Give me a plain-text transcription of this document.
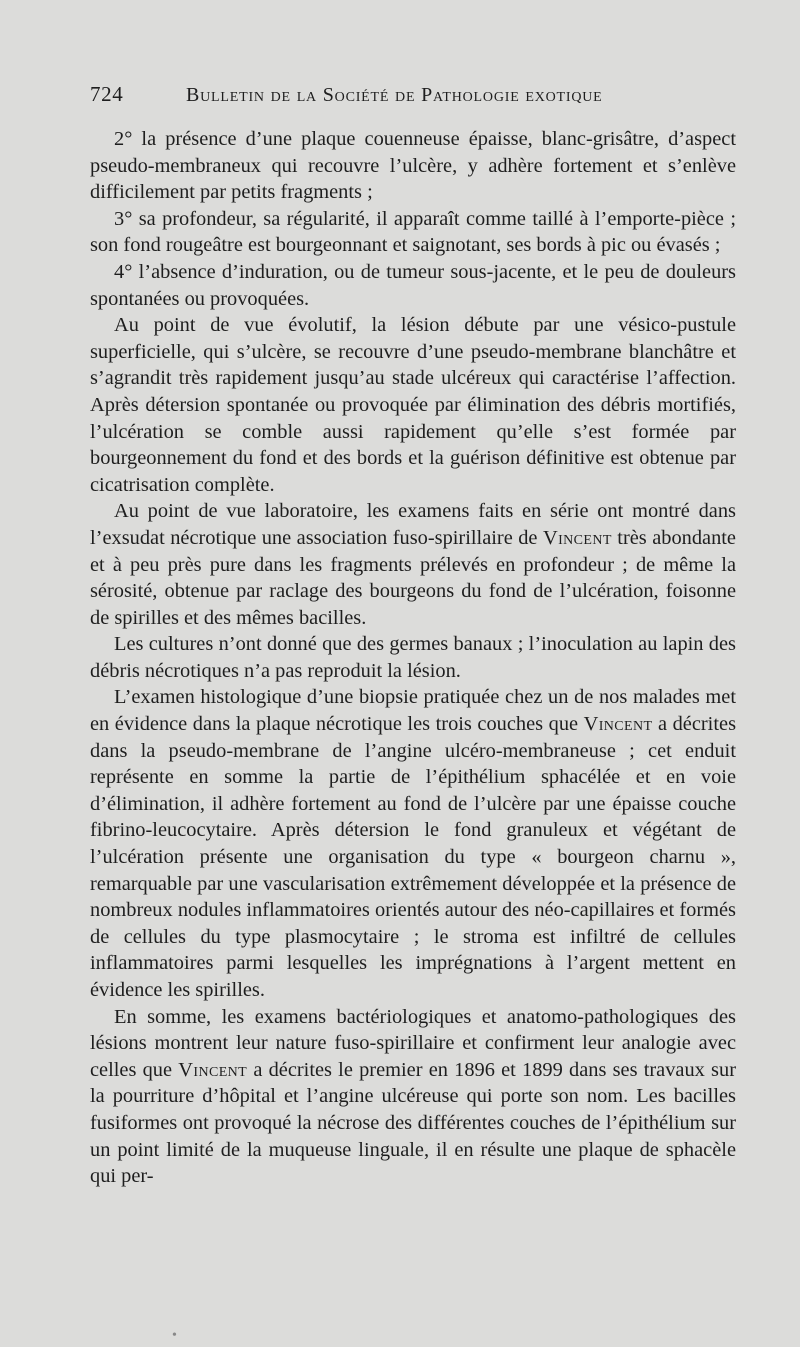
724	Bulletin de la Société de Pathologie exotique

2° la présence d’une plaque couenneuse épaisse, blanc-grisâtre, d’aspect pseudo-membraneux qui recouvre l’ulcère, y adhère fortement et s’enlève difficilement par petits fragments ;

3° sa profondeur, sa régularité, il apparaît comme taillé à l’emporte-pièce ; son fond rougeâtre est bourgeonnant et saignotant, ses bords à pic ou évasés ;

4° l’absence d’induration, ou de tumeur sous-jacente, et le peu de douleurs spontanées ou provoquées.

Au point de vue évolutif, la lésion débute par une vésico-pustule superficielle, qui s’ulcère, se recouvre d’une pseudo-membrane blanchâtre et s’agrandit très rapidement jusqu’au stade ulcéreux qui caractérise l’affection. Après détersion spontanée ou provoquée par élimination des débris mortifiés, l’ulcération se comble aussi rapidement qu’elle s’est formée par bourgeonnement du fond et des bords et la guérison définitive est obtenue par cicatrisation complète.

Au point de vue laboratoire, les examens faits en série ont montré dans l’exsudat nécrotique une association fuso-spirillaire de Vincent très abondante et à peu près pure dans les fragments prélevés en profondeur ; de même la sérosité, obtenue par raclage des bourgeons du fond de l’ulcération, foisonne de spirilles et des mêmes bacilles.

Les cultures n’ont donné que des germes banaux ; l’inoculation au lapin des débris nécrotiques n’a pas reproduit la lésion.

L’examen histologique d’une biopsie pratiquée chez un de nos malades met en évidence dans la plaque nécrotique les trois couches que Vincent a décrites dans la pseudo-membrane de l’angine ulcéro-membraneuse ; cet enduit représente en somme la partie de l’épithélium sphacélée et en voie d’élimination, il adhère fortement au fond de l’ulcère par une épaisse couche fibrino-leucocytaire. Après détersion le fond granuleux et végétant de l’ulcération présente une organisation du type « bourgeon charnu », remarquable par une vascularisation extrêmement développée et la présence de nombreux nodules inflammatoires orientés autour des néo-capillaires et formés de cellules du type plasmocytaire ; le stroma est infiltré de cellules inflammatoires parmi lesquelles les imprégnations à l’argent mettent en évidence les spirilles.

En somme, les examens bactériologiques et anatomo-pathologiques des lésions montrent leur nature fuso-spirillaire et confirment leur analogie avec celles que Vincent a décrites le premier en 1896 et 1899 dans ses travaux sur la pourriture d’hôpital et l’angine ulcéreuse qui porte son nom. Les bacilles fusiformes ont provoqué la nécrose des différentes couches de l’épithélium sur un point limité de la muqueuse linguale, il en résulte une plaque de sphacèle qui per-

•
